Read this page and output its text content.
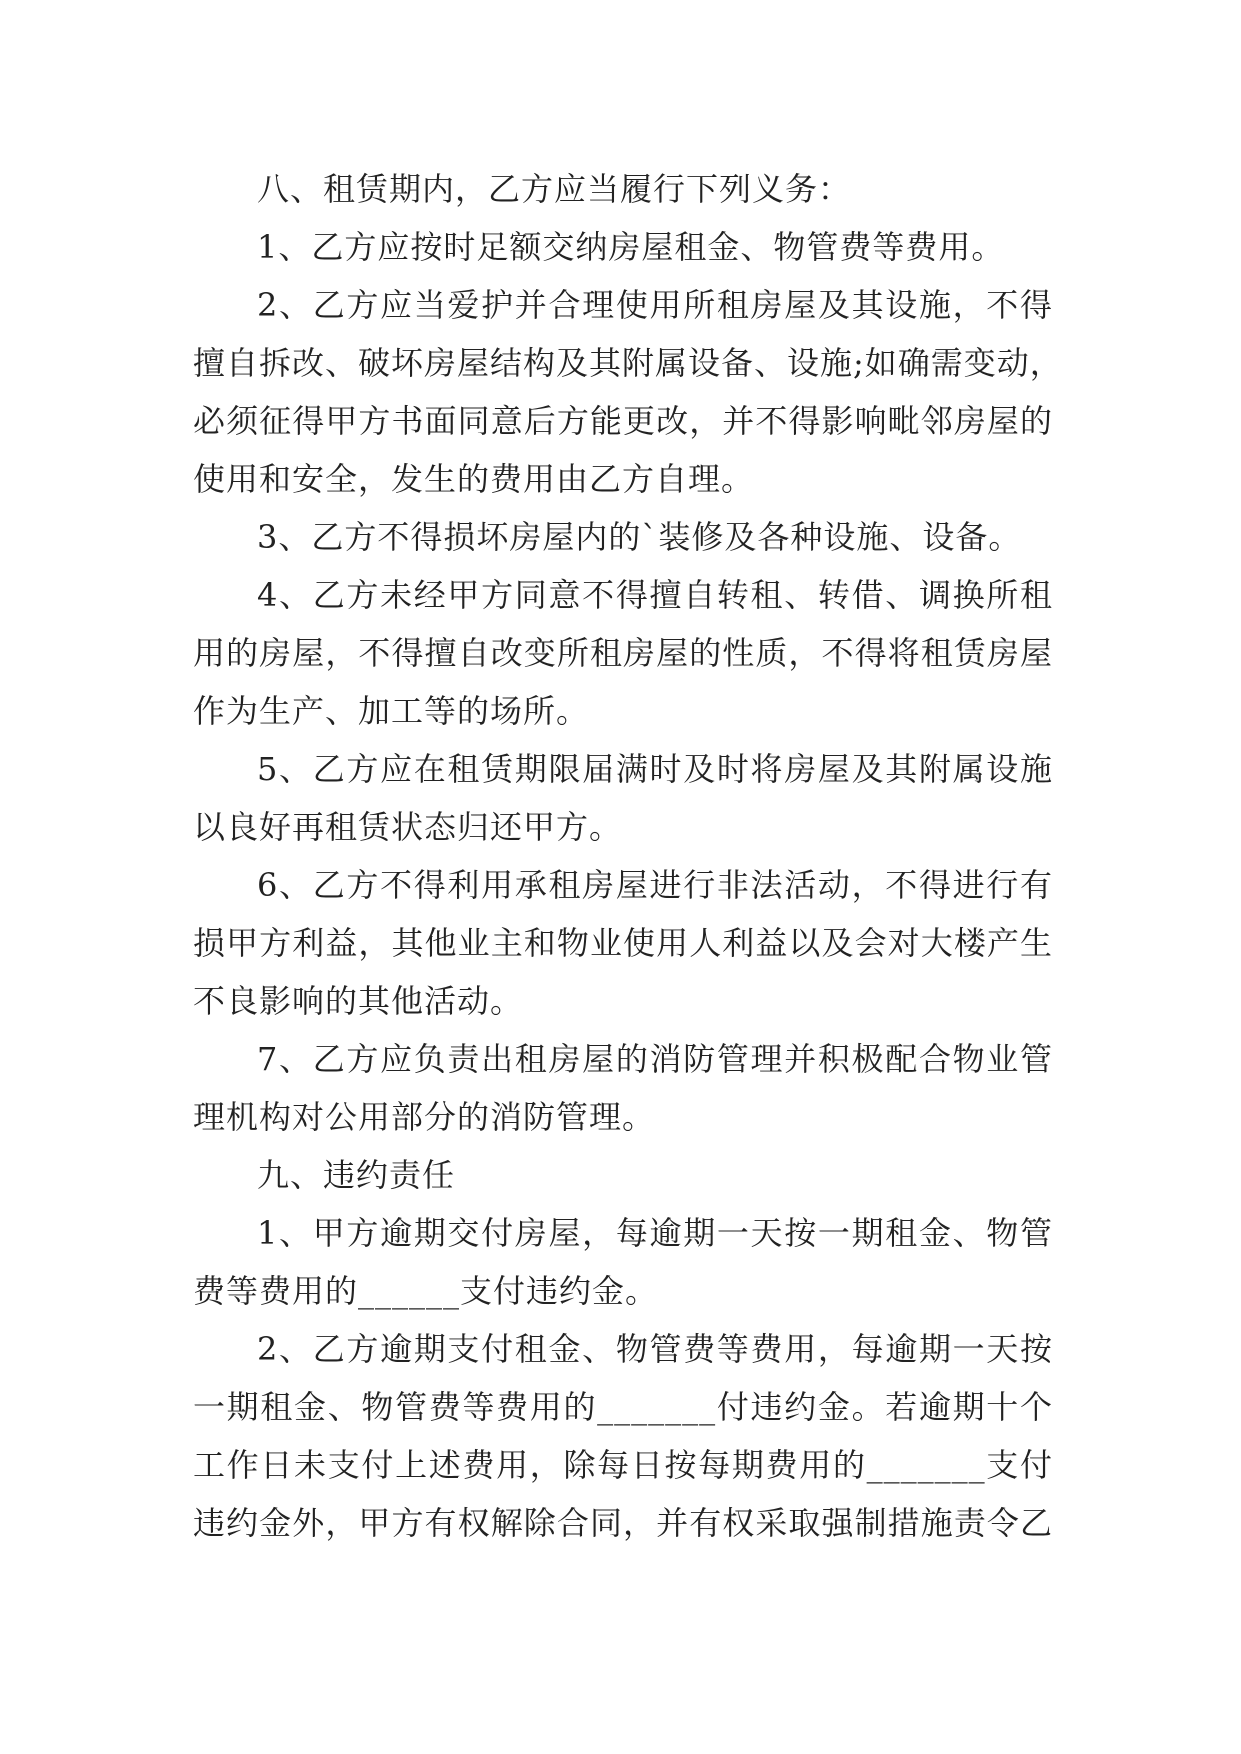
八、租赁期内，乙方应当履行下列义务：
1、乙方应按时足额交纳房屋租金、物管费等费用。
2、乙方应当爱护并合理使用所租房屋及其设施，不得
擅自拆改、破坏房屋结构及其附属设备、设施;如确需变动，
必须征得甲方书面同意后方能更改，并不得影响毗邻房屋的
使用和安全，发生的费用由乙方自理。
3、乙方不得损坏房屋内的`装修及各种设施、设备。
4、乙方未经甲方同意不得擅自转租、转借、调换所租
用的房屋，不得擅自改变所租房屋的性质，不得将租赁房屋
作为生产、加工等的场所。
5、乙方应在租赁期限届满时及时将房屋及其附属设施
以良好再租赁状态归还甲方。
6、乙方不得利用承租房屋进行非法活动，不得进行有
损甲方利益，其他业主和物业使用人利益以及会对大楼产生
不良影响的其他活动。
7、乙方应负责出租房屋的消防管理并积极配合物业管
理机构对公用部分的消防管理。
九、违约责任
1、甲方逾期交付房屋，每逾期一天按一期租金、物管
费等费用的______支付违约金。
2、乙方逾期支付租金、物管费等费用，每逾期一天按
一期租金、物管费等费用的_______付违约金。若逾期十个
工作日未支付上述费用，除每日按每期费用的_______支付
违约金外，甲方有权解除合同，并有权采取强制措施责令乙
